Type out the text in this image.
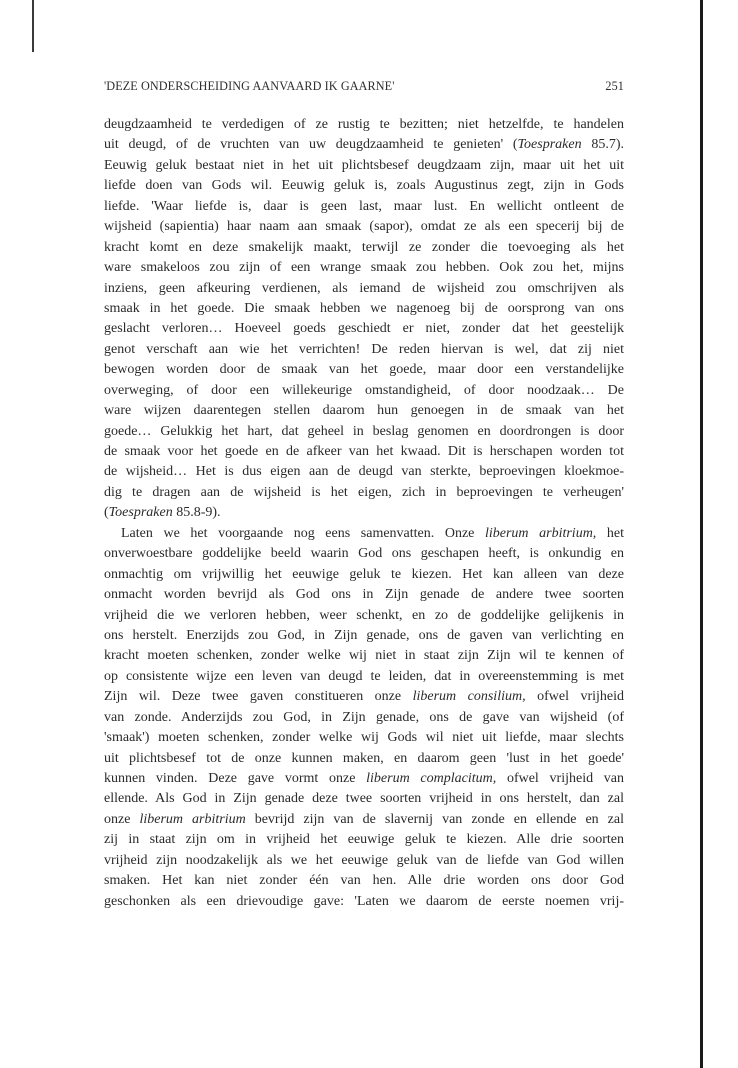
'DEZE ONDERSCHEIDING AANVAARD IK GAARNE'	251

deugdzaamheid te verdedigen of ze rustig te bezitten; niet hetzelfde, te handelen
uit deugd, of de vruchten van uw deugdzaamheid te genieten' (Toespraken 85.7).
Eeuwig geluk bestaat niet in het uit plichtsbesef deugdzaam zijn, maar uit het uit
liefde doen van Gods wil. Eeuwig geluk is, zoals Augustinus zegt, zijn in Gods
liefde. 'Waar liefde is, daar is geen last, maar lust. En wellicht ontleent de
wijsheid (sapientia) haar naam aan smaak (sapor), omdat ze als een specerij bij de
kracht komt en deze smakelijk maakt, terwijl ze zonder die toevoeging als het
ware smakeloos zou zijn of een wrange smaak zou hebben. Ook zou het, mijns
inziens, geen afkeuring verdienen, als iemand de wijsheid zou omschrijven als
smaak in het goede. Die smaak hebben we nagenoeg bij de oorsprong van ons
geslacht verloren… Hoeveel goeds geschiedt er niet, zonder dat het geestelijk
genot verschaft aan wie het verrichten! De reden hiervan is wel, dat zij niet
bewogen worden door de smaak van het goede, maar door een verstandelijke
overweging, of door een willekeurige omstandigheid, of door noodzaak… De
ware wijzen daarentegen stellen daarom hun genoegen in de smaak van het
goede… Gelukkig het hart, dat geheel in beslag genomen en doordrongen is door
de smaak voor het goede en de afkeer van het kwaad. Dit is herschapen worden tot
de wijsheid… Het is dus eigen aan de deugd van sterkte, beproevingen kloekmoe-
dig te dragen aan de wijsheid is het eigen, zich in beproevingen te verheugen'
(Toespraken 85.8-9).

Laten we het voorgaande nog eens samenvatten. Onze liberum arbitrium, het
onverwoestbare goddelijke beeld waarin God ons geschapen heeft, is onkundig en
onmachtig om vrijwillig het eeuwige geluk te kiezen. Het kan alleen van deze
onmacht worden bevrijd als God ons in Zijn genade de andere twee soorten
vrijheid die we verloren hebben, weer schenkt, en zo de goddelijke gelijkenis in
ons herstelt. Enerzijds zou God, in Zijn genade, ons de gaven van verlichting en
kracht moeten schenken, zonder welke wij niet in staat zijn Zijn wil te kennen of
op consistente wijze een leven van deugd te leiden, dat in overeenstemming is met
Zijn wil. Deze twee gaven constitueren onze liberum consilium, ofwel vrijheid
van zonde. Anderzijds zou God, in Zijn genade, ons de gave van wijsheid (of
'smaak') moeten schenken, zonder welke wij Gods wil niet uit liefde, maar slechts
uit plichtsbesef tot de onze kunnen maken, en daarom geen 'lust in het goede'
kunnen vinden. Deze gave vormt onze liberum complacitum, ofwel vrijheid van
ellende. Als God in Zijn genade deze twee soorten vrijheid in ons herstelt, dan zal
onze liberum arbitrium bevrijd zijn van de slavernij van zonde en ellende en zal
zij in staat zijn om in vrijheid het eeuwige geluk te kiezen. Alle drie soorten
vrijheid zijn noodzakelijk als we het eeuwige geluk van de liefde van God willen
smaken. Het kan niet zonder één van hen. Alle drie worden ons door God
geschonken als een drievoudige gave: 'Laten we daarom de eerste noemen vrij-
